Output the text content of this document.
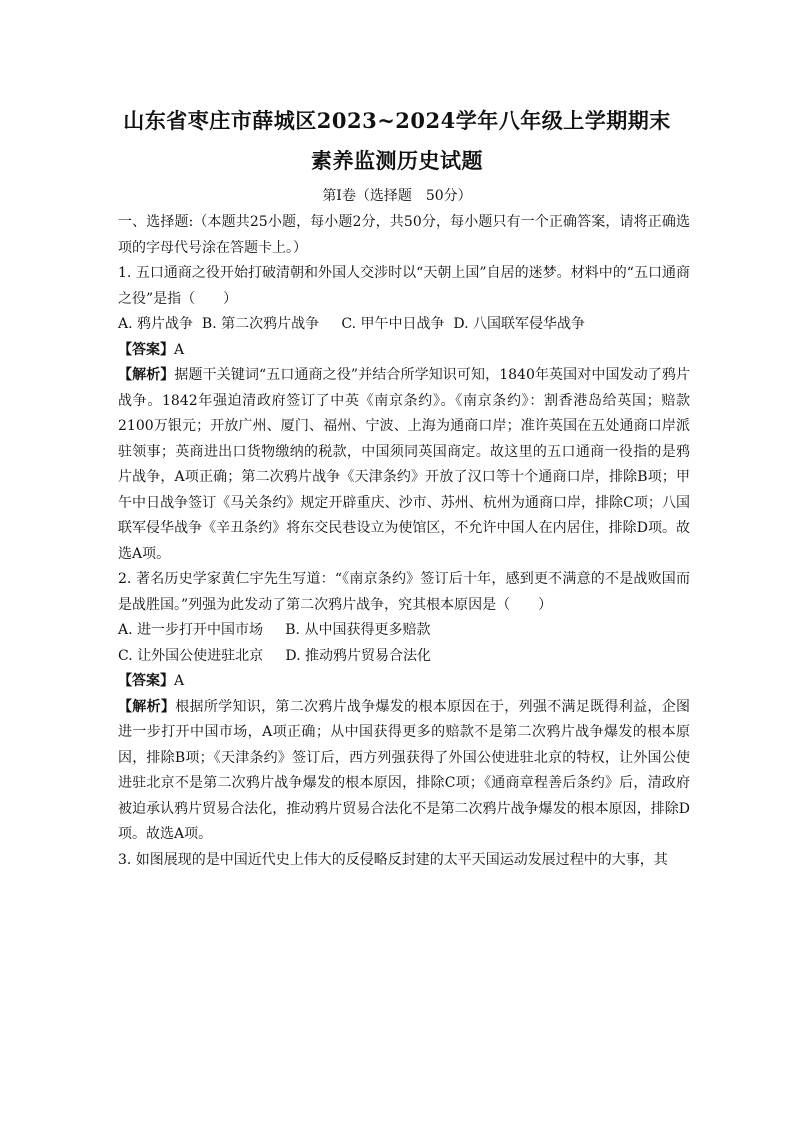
山东省枣庄市薛城区2023~2024学年八年级上学期期末
素养监测历史试题
第Ⅰ卷（选择题　50分）

一、选择题:（本题共25小题，每小题2分，共50分，每小题只有一个正确答案，请将正确选项的字母代号涂在答题卡上。）

1. 五口通商之役开始打破清朝和外国人交涉时以“天朝上国”自居的迷梦。材料中的“五口通商之役”是指（　　）

A. 鸦片战争  B. 第二次鸦片战争     C. 甲午中日战争  D. 八国联军侵华战争

【答案】A

【解析】据题干关键词“五口通商之役”并结合所学知识可知，1840年英国对中国发动了鸦片战争。1842年强迫清政府签订了中英《南京条约》。《南京条约》：割香港岛给英国；赔款2100万银元；开放广州、厦门、福州、宁波、上海为通商口岸；准许英国在五处通商口岸派驻领事；英商进出口货物缴纳的税款，中国须同英国商定。故这里的五口通商一役指的是鸦片战争，A项正确；第二次鸦片战争《天津条约》开放了汉口等十个通商口岸，排除B项；甲午中日战争签订《马关条约》规定开辟重庆、沙市、苏州、杭州为通商口岸，排除C项；八国联军侵华战争《辛丑条约》将东交民巷设立为使馆区，不允许中国人在内居住，排除D项。故选A项。

2. 著名历史学家黄仁宇先生写道：“《南京条约》签订后十年，感到更不满意的不是战败国而是战胜国。”列强为此发动了第二次鸦片战争，究其根本原因是（　　）

A. 进一步打开中国市场     B. 从中国获得更多赔款

C. 让外国公使进驻北京     D. 推动鸦片贸易合法化

【答案】A

【解析】根据所学知识，第二次鸦片战争爆发的根本原因在于，列强不满足既得利益，企图进一步打开中国市场，A项正确；从中国获得更多的赔款不是第二次鸦片战争爆发的根本原因，排除B项；《天津条约》签订后，西方列强获得了外国公使进驻北京的特权，让外国公使进驻北京不是第二次鸦片战争爆发的根本原因，排除C项；《通商章程善后条约》后，清政府被迫承认鸦片贸易合法化，推动鸦片贸易合法化不是第二次鸦片战争爆发的根本原因，排除D项。故选A项。

3. 如图展现的是中国近代史上伟大的反侵略反封建的太平天国运动发展过程中的大事，其
